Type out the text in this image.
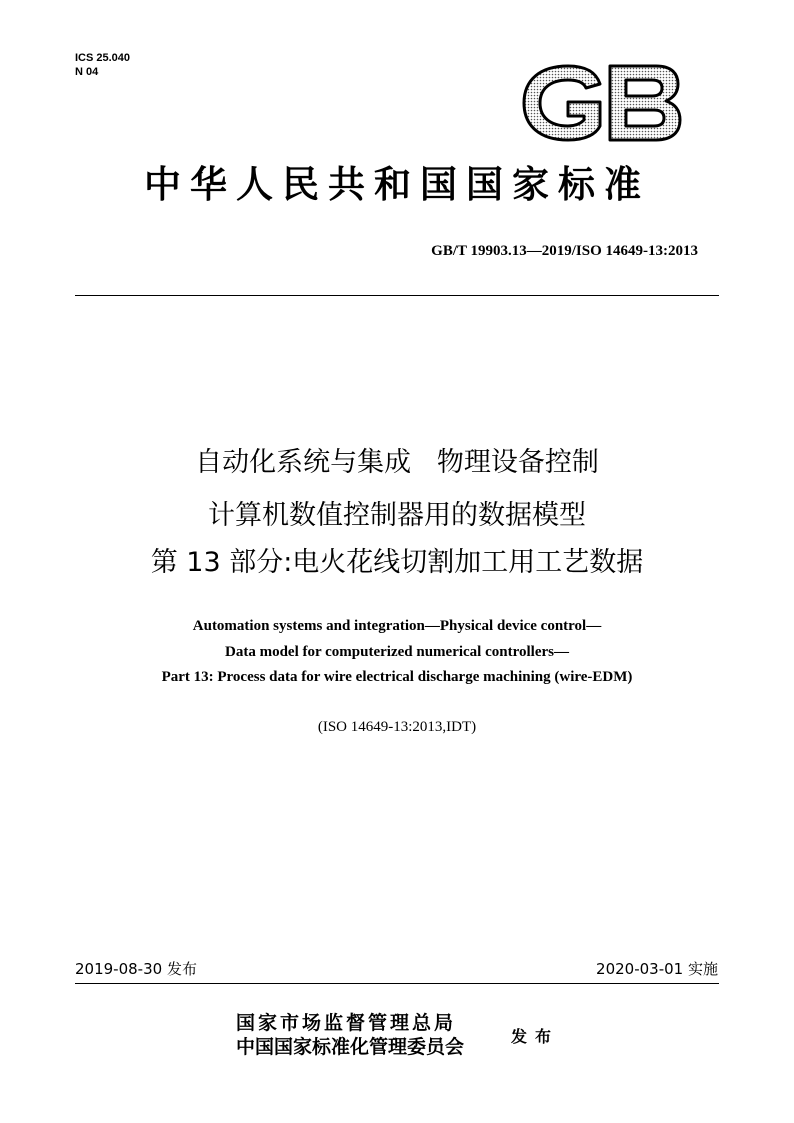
ICS 25.040
N 04
中华人民共和国国家标准
GB/T 19903.13—2019/ISO 14649-13:2013
自动化系统与集成   物理设备控制
计算机数值控制器用的数据模型
第 13 部分:电火花线切割加工用工艺数据
Automation systems and integration—Physical device control—
Data model for computerized numerical controllers—
Part 13: Process data for wire electrical discharge machining (wire-EDM)
(ISO 14649-13:2013,IDT)
2019-08-30 发布	2020-03-01 实施
国家市场监督管理总局
中国国家标准化管理委员会	发布
